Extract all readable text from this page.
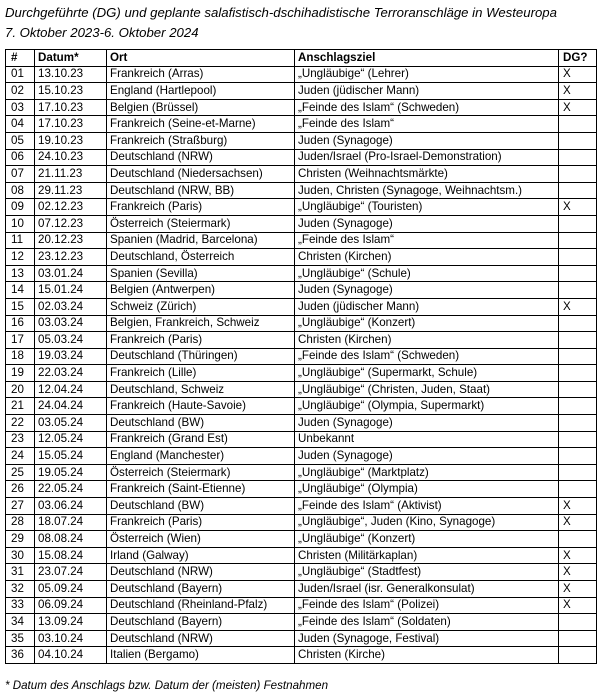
Durchgeführte (DG) und geplante salafistisch-dschihadistische Terroranschläge in Westeuropa
7. Oktober 2023-6. Oktober 2024
#	Datum*	Ort	Anschlagsziel	DG?
01	13.10.23	Frankreich (Arras)	„Ungläubige“ (Lehrer)	X
02	15.10.23	England (Hartlepool)	Juden (jüdischer Mann)	X
03	17.10.23	Belgien (Brüssel)	„Feinde des Islam“ (Schweden)	X
04	17.10.23	Frankreich (Seine-et-Marne)	„Feinde des Islam“	
05	19.10.23	Frankreich (Straßburg)	Juden (Synagoge)	
06	24.10.23	Deutschland (NRW)	Juden/Israel (Pro-Israel-Demonstration)	
07	21.11.23	Deutschland (Niedersachsen)	Christen (Weihnachtsmärkte)	
08	29.11.23	Deutschland (NRW, BB)	Juden, Christen (Synagoge, Weihnachtsm.)	
09	02.12.23	Frankreich (Paris)	„Ungläubige“ (Touristen)	X
10	07.12.23	Österreich (Steiermark)	Juden (Synagoge)	
11	20.12.23	Spanien (Madrid, Barcelona)	„Feinde des Islam“	
12	23.12.23	Deutschland, Österreich	Christen (Kirchen)	
13	03.01.24	Spanien (Sevilla)	„Ungläubige“ (Schule)	
14	15.01.24	Belgien (Antwerpen)	Juden (Synagoge)	
15	02.03.24	Schweiz (Zürich)	Juden (jüdischer Mann)	X
16	03.03.24	Belgien, Frankreich, Schweiz	„Ungläubige“ (Konzert)	
17	05.03.24	Frankreich (Paris)	Christen (Kirchen)	
18	19.03.24	Deutschland (Thüringen)	„Feinde des Islam“ (Schweden)	
19	22.03.24	Frankreich (Lille)	„Ungläubige“ (Supermarkt, Schule)	
20	12.04.24	Deutschland, Schweiz	„Ungläubige“ (Christen, Juden, Staat)	
21	24.04.24	Frankreich (Haute-Savoie)	„Ungläubige“ (Olympia, Supermarkt)	
22	03.05.24	Deutschland (BW)	Juden (Synagoge)	
23	12.05.24	Frankreich (Grand Est)	Unbekannt	
24	15.05.24	England (Manchester)	Juden (Synagoge)	
25	19.05.24	Österreich (Steiermark)	„Ungläubige“ (Marktplatz)	
26	22.05.24	Frankreich (Saint-Etienne)	„Ungläubige“ (Olympia)	
27	03.06.24	Deutschland (BW)	„Feinde des Islam“ (Aktivist)	X
28	18.07.24	Frankreich (Paris)	„Ungläubige“, Juden (Kino, Synagoge)	X
29	08.08.24	Österreich (Wien)	„Ungläubige“ (Konzert)	
30	15.08.24	Irland (Galway)	Christen (Militärkaplan)	X
31	23.07.24	Deutschland (NRW)	„Ungläubige“ (Stadtfest)	X
32	05.09.24	Deutschland (Bayern)	Juden/Israel (isr. Generalkonsulat)	X
33	06.09.24	Deutschland (Rheinland-Pfalz)	„Feinde des Islam“ (Polizei)	X
34	13.09.24	Deutschland (Bayern)	„Feinde des Islam“ (Soldaten)	
35	03.10.24	Deutschland (NRW)	Juden (Synagoge, Festival)	
36	04.10.24	Italien (Bergamo)	Christen (Kirche)	
* Datum des Anschlags bzw. Datum der (meisten) Festnahmen
